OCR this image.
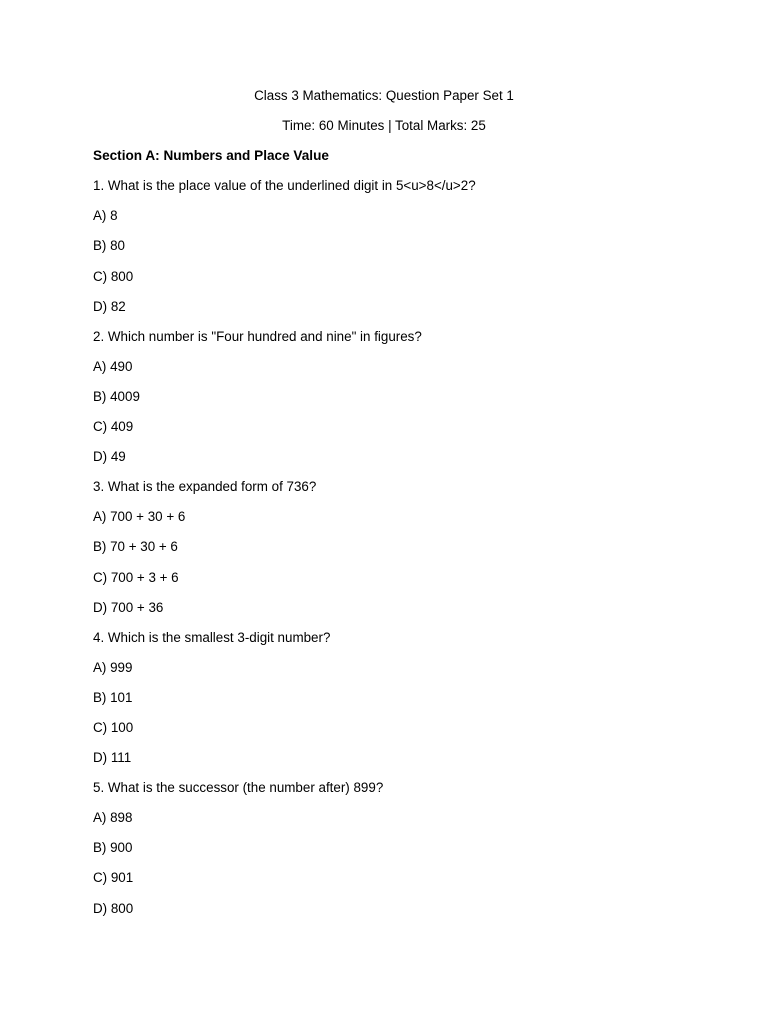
Class 3 Mathematics: Question Paper Set 1
Time: 60 Minutes | Total Marks: 25
Section A: Numbers and Place Value
1. What is the place value of the underlined digit in 5<u>8</u>2?
A) 8
B) 80
C) 800
D) 82
2. Which number is "Four hundred and nine" in figures?
A) 490
B) 4009
C) 409
D) 49
3. What is the expanded form of 736?
A) 700 + 30 + 6
B) 70 + 30 + 6
C) 700 + 3 + 6
D) 700 + 36
4. Which is the smallest 3-digit number?
A) 999
B) 101
C) 100
D) 111
5. What is the successor (the number after) 899?
A) 898
B) 900
C) 901
D) 800
